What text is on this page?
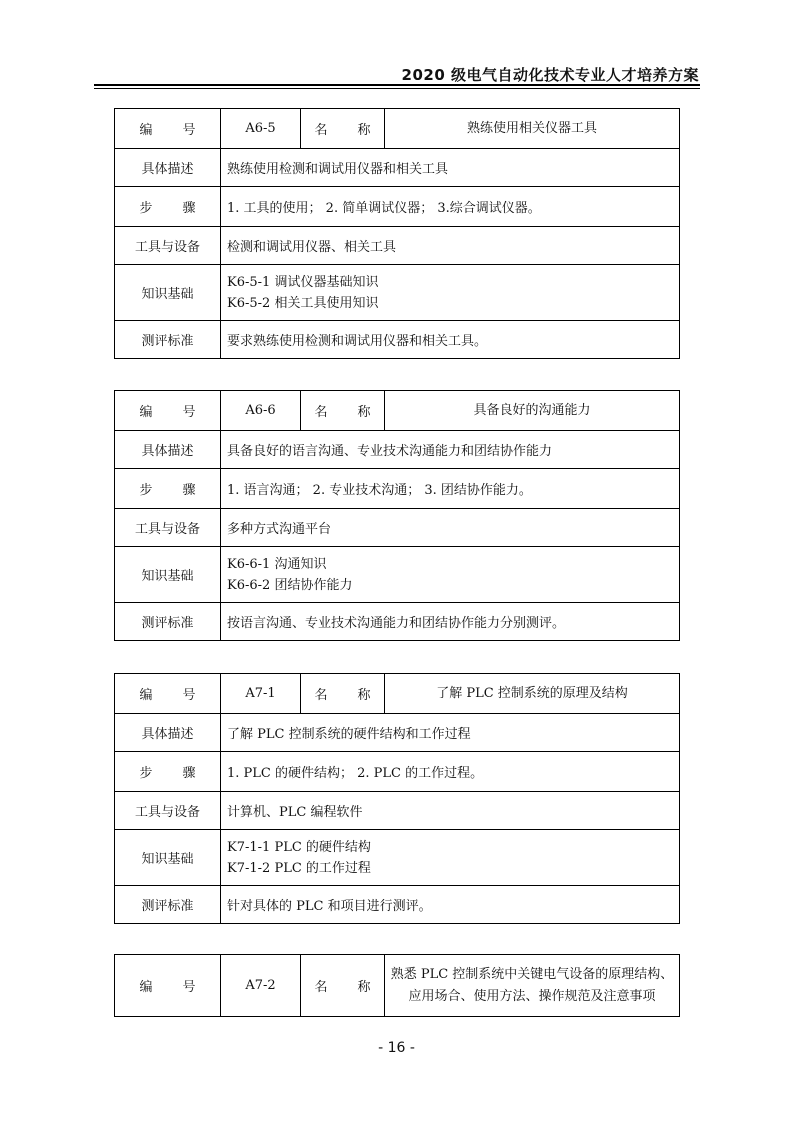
2020 级电气自动化技术专业人才培养方案
编 号	A6-5	名 称	熟练使用相关仪器工具
具体描述	熟练使用检测和调试用仪器和相关工具		
步 骤	1. 工具的使用； 2. 简单调试仪器； 3.综合调试仪器。		
工具与设备	检测和调试用仪器、相关工具		
知识基础	K6-5-1 调试仪器基础知识
K6-5-2 相关工具使用知识		

测评标准	要求熟练使用检测和调试用仪器和相关工具。		
编 号	A6-6	名 称	具备良好的沟通能力
具体描述	具备良好的语言沟通、专业技术沟通能力和团结协作能力		
步 骤	1. 语言沟通； 2. 专业技术沟通； 3. 团结协作能力。		
工具与设备	多种方式沟通平台		
知识基础	K6-6-1 沟通知识
K6-6-2 团结协作能力		

测评标准	按语言沟通、专业技术沟通能力和团结协作能力分别测评。		
编 号	A7-1	名 称	了解 PLC 控制系统的原理及结构
具体描述	了解 PLC 控制系统的硬件结构和工作过程		
步 骤	1. PLC 的硬件结构； 2. PLC 的工作过程。		
工具与设备	计算机、PLC 编程软件		
知识基础	K7-1-1 PLC 的硬件结构
K7-1-2 PLC 的工作过程		

测评标准	针对具体的 PLC 和项目进行测评。		
编 号	A7-2	名 称	熟悉 PLC 控制系统中关键电气设备的原理结构、应用场合、使用方法、操作规范及注意事项
- 16 -
